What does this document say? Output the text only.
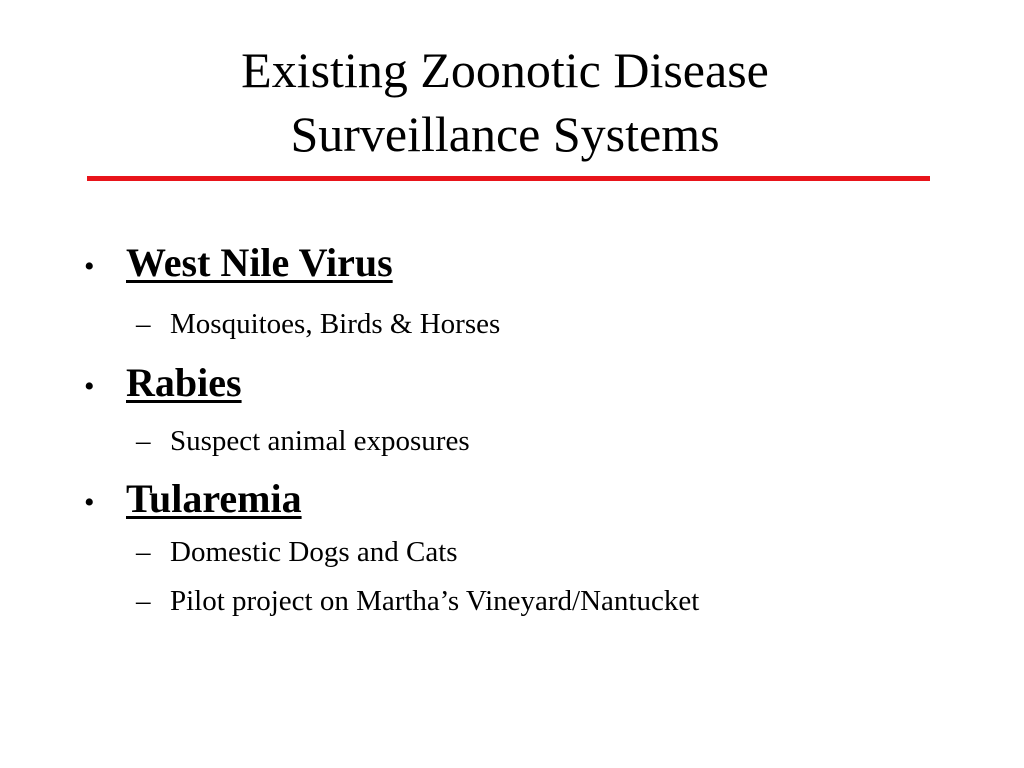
Existing Zoonotic Disease
Surveillance Systems
• West Nile Virus
– Mosquitoes, Birds & Horses
• Rabies
– Suspect animal exposures
• Tularemia
– Domestic Dogs and Cats
– Pilot project on Martha’s Vineyard/Nantucket
